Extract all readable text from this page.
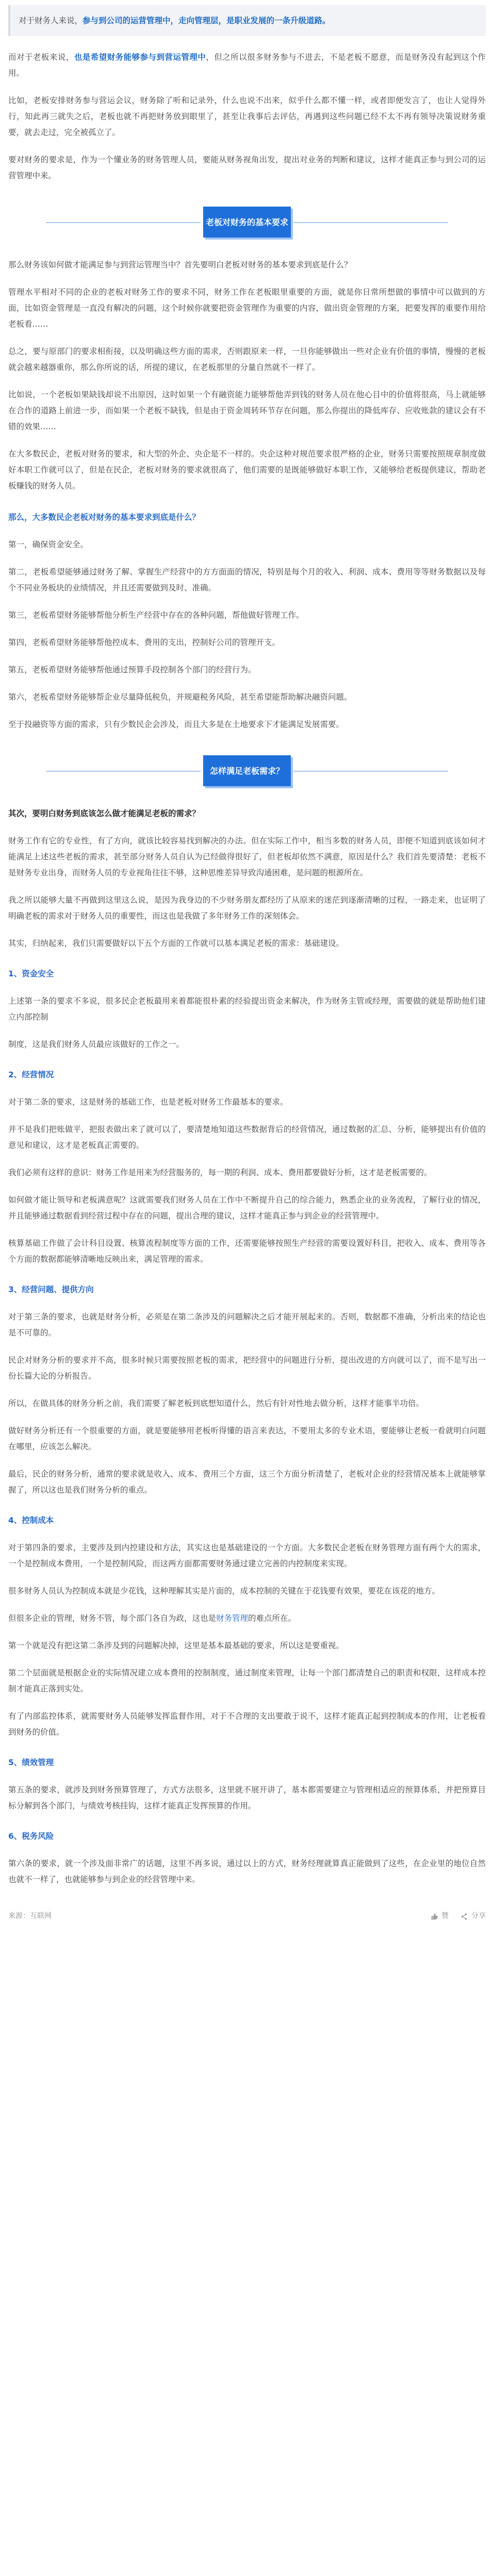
对于财务人来说，参与到公司的运营管理中，走向管理层，是职业发展的一条升级道路。

而对于老板来说，也是希望财务能够参与到营运管理中，但之所以很多财务参与不进去，不是老板不愿意，而是财务没有起到这个作用。

比如，老板安排财务参与营运会议，财务除了听和记录外，什么也说不出来，似乎什么都不懂一样，或者即便发言了，也让人觉得外行，知此再三就失之后，老板也就不再把财务放到眼里了，甚至让我事后去评估，再遇到这些问题已经不太不再有领导决策说财务重要，就去走过，完全被孤立了。

要对财务的要求是，作为一个懂业务的财务管理人员，要能从财务视角出发，提出对业务的判断和建议，这样才能真正参与到公司的运营管理中来。

老板对财务的基本要求

那么财务该如何做才能满足参与到营运管理当中？首先要明白老板对财务的基本要求到底是什么？

管理水平相对不同的企业的老板对财务工作的要求不同，财务工作在老板眼里重要的方面，就是你日常所想做的事情中可以做到的方面，比如资金管理是一直没有解决的问题，这个时候你就要把资金管理作为重要的内容，做出资金管理的方案，把要发挥的重要作用给老板看……

总之，要与原部门的要求相衔接，以及明确这些方面的需求，否则跟原来一样，一旦你能够做出一些对企业有价值的事情，慢慢的老板就会越来越器重你，那么你所说的话，所提的建议，在老板那里的分量自然就不一样了。

比如说，一个老板如果缺钱却说不出原因，这时如果一个有融资能力能够帮他弄到钱的财务人员在他心目中的价值将很高，马上就能够在合作的道路上前进一步，而如果一个老板不缺钱，但是由于资金周转环节存在问题，那么你提出的降低库存、应收账款的建议会有不错的效果……

在大多数民企，老板对财务的要求，和大型的外企、央企是不一样的。央企这种对规范要求很严格的企业，财务只需要按照规章制度做好本职工作就可以了，但是在民企，老板对财务的要求就很高了，他们需要的是既能够做好本职工作，又能够给老板提供建议，帮助老板赚钱的财务人员。

那么，大多数民企老板对财务的基本要求到底是什么？

第一，确保资金安全。

第二，老板希望能够通过财务了解、掌握生产经营中的方方面面的情况，特别是每个月的收入、利润、成本、费用等等财务数据以及每个不同业务板块的业绩情况，并且还需要做到及时、准确。

第三，老板希望财务能够帮他分析生产经营中存在的各种问题，帮他做好管理工作。

第四，老板希望财务能够帮他控成本、费用的支出，控制好公司的管理开支。

第五，老板希望财务能够帮他通过预算手段控制各个部门的经营行为。

第六，老板希望财务能够帮企业尽量降低税负，并规避税务风险，甚至希望能帮助解决融资问题。

至于投融资等方面的需求，只有少数民企会涉及，而且大多是在土地要求下才能满足发展需要。

怎样满足老板需求？
其次，要明白财务到底该怎么做才能满足老板的需求？

财务工作有它的专业性，有了方向，就该比较容易找到解决的办法。但在实际工作中，相当多数的财务人员，即便不知道到底该如何才能满足上述这些老板的需求，甚至部分财务人员自认为已经做得很好了，但老板却依然不满意，原因是什么？我们首先要清楚：老板不是财务专业出身，而财务人员的专业视角往往不够，这种思维差异导致沟通困难，是问题的根源所在。

我之所以能够大量不再做到这里这么说，是因为我身边的不少财务朋友都经历了从原来的迷茫到逐渐清晰的过程，一路走来，也证明了明确老板的需求对于财务人员的重要性，而这也是我做了多年财务工作的深刻体会。

其实，归纳起来，我们只需要做好以下五个方面的工作就可以基本满足老板的需求：基础建设。

1、资金安全

上述第一条的要求不多说，很多民企老板最用来着都能很朴素的经验提出资金来解决，作为财务主管或经理，需要做的就是帮助他们建立内部控制

制度，这是我们财务人员最应该做好的工作之一。

2、经营情况

对于第二条的要求，这是财务的基础工作，也是老板对财务工作最基本的要求。

并不是我们把账做平，把报表做出来了就可以了，要清楚地知道这些数据背后的经营情况，通过数据的汇总、分析，能够提出有价值的意见和建议，这才是老板真正需要的。

我们必须有这样的意识：财务工作是用来为经营服务的，每一期的利润、成本、费用都要做好分析，这才是老板需要的。

如何做才能让领导和老板满意呢？这就需要我们财务人员在工作中不断提升自己的综合能力，熟悉企业的业务流程，了解行业的情况，并且能够通过数据看到经营过程中存在的问题，提出合理的建议，这样才能真正参与到企业的经营管理中。

核算基础工作做了会计科目设置、核算流程制度等方面的工作，还需要能够按照生产经营的需要设置好科目，把收入、成本、费用等各个方面的数据都能够清晰地反映出来，满足管理的需求。

3、经营问题、提供方向

对于第三条的要求，也就是财务分析，必须是在第二条涉及的问题解决之后才能开展起来的。否则，数据都不准确，分析出来的结论也是不可靠的。

民企对财务分析的要求并不高，很多时候只需要按照老板的需求，把经营中的问题进行分析，提出改进的方向就可以了，而不是写出一份长篇大论的分析报告。

所以，在做具体的财务分析之前，我们需要了解老板到底想知道什么，然后有针对性地去做分析，这样才能事半功倍。

做好财务分析还有一个很重要的方面，就是要能够用老板听得懂的语言来表达，不要用太多的专业术语，要能够让老板一看就明白问题在哪里，应该怎么解决。

最后，民企的财务分析，通常的要求就是收入、成本、费用三个方面，这三个方面分析清楚了，老板对企业的经营情况基本上就能够掌握了，所以这也是我们财务分析的重点。

4、控制成本

对于第四条的要求，主要涉及到内控建设和方法，其实这也是基础建设的一个方面。大多数民企老板在财务管理方面有两个大的需求，一个是控制成本费用，一个是控制风险，而这两方面都需要财务通过建立完善的内控制度来实现。

很多财务人员认为控制成本就是少花钱，这种理解其实是片面的，成本控制的关键在于花钱要有效果，要花在该花的地方。

但很多企业的管理，财务不管，每个部门各自为政，这也是财务管理的难点所在。

第一个就是没有把这第二条涉及到的问题解决掉，这里是基本最基础的要求，所以这是要重视。

第二个层面就是根据企业的实际情况建立成本费用的控制制度，通过制度来管理，让每一个部门都清楚自己的职责和权限，这样成本控制才能真正落到实处。

有了内部监控体系，就需要财务人员能够发挥监督作用，对于不合理的支出要敢于说不，这样才能真正起到控制成本的作用，让老板看到财务的价值。

5、绩效管理

第五条的要求，就涉及到财务预算管理了，方式方法很多，这里就不展开讲了，基本都需要建立与管理相适应的预算体系，并把预算目标分解到各个部门，与绩效考核挂钩，这样才能真正发挥预算的作用。

6、税务风险

第六条的要求，就一个涉及面非常广的话题，这里不再多说，通过以上的方式，财务经理就算真正能做到了这些，在企业里的地位自然也就不一样了，也就能够参与到企业的经营管理中来。

来源：互联网	赞	分享
